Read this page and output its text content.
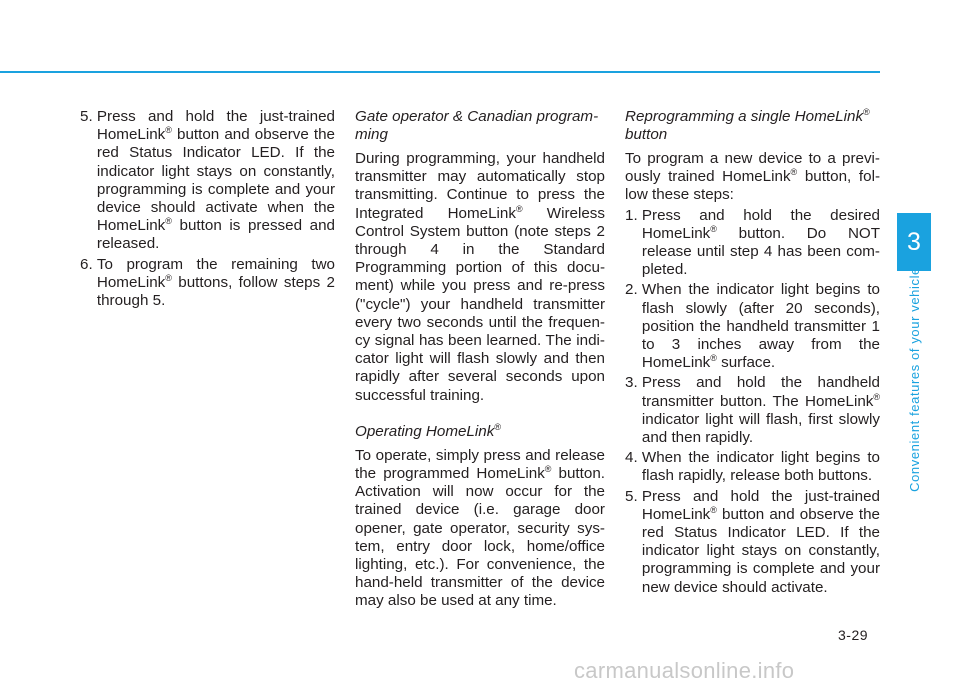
5. Press and hold the just-trained HomeLink® button and observe the red Status Indicator LED. If the indicator light stays on constantly, programming is complete and your device should activate when the HomeLink® button is pressed and released.
6. To program the remaining two HomeLink® buttons, follow steps 2 through 5.

Gate operator & Canadian program-ming

During programming, your handheld transmitter may automatically stop transmitting. Continue to press the Integrated HomeLink® Wireless Control System button (note steps 2 through 4 in the Standard Programming portion of this docu-ment) while you press and re-press ("cycle") your handheld transmitter every two seconds until the frequen-cy signal has been learned. The indi-cator light will flash slowly and then rapidly after several seconds upon successful training.

Operating HomeLink®

To operate, simply press and release the programmed HomeLink® button. Activation will now occur for the trained device (i.e. garage door opener, gate operator, security sys-tem, entry door lock, home/office lighting, etc.). For convenience, the hand-held transmitter of the device may also be used at any time.

Reprogramming a single HomeLink® button

To program a new device to a previ-ously trained HomeLink® button, fol-low these steps:

1. Press and hold the desired HomeLink® button. Do NOT release until step 4 has been com-pleted.
2. When the indicator light begins to flash slowly (after 20 seconds), position the handheld transmitter 1 to 3 inches away from the HomeLink® surface.
3. Press and hold the handheld transmitter button. The HomeLink® indicator light will flash, first slowly and then rapidly.
4. When the indicator light begins to flash rapidly, release both buttons.
5. Press and hold the just-trained HomeLink® button and observe the red Status Indicator LED. If the indicator light stays on constantly, programming is complete and your new device should activate.
3
Convenient features of your vehicle
3-29
carmanualsonline.info
